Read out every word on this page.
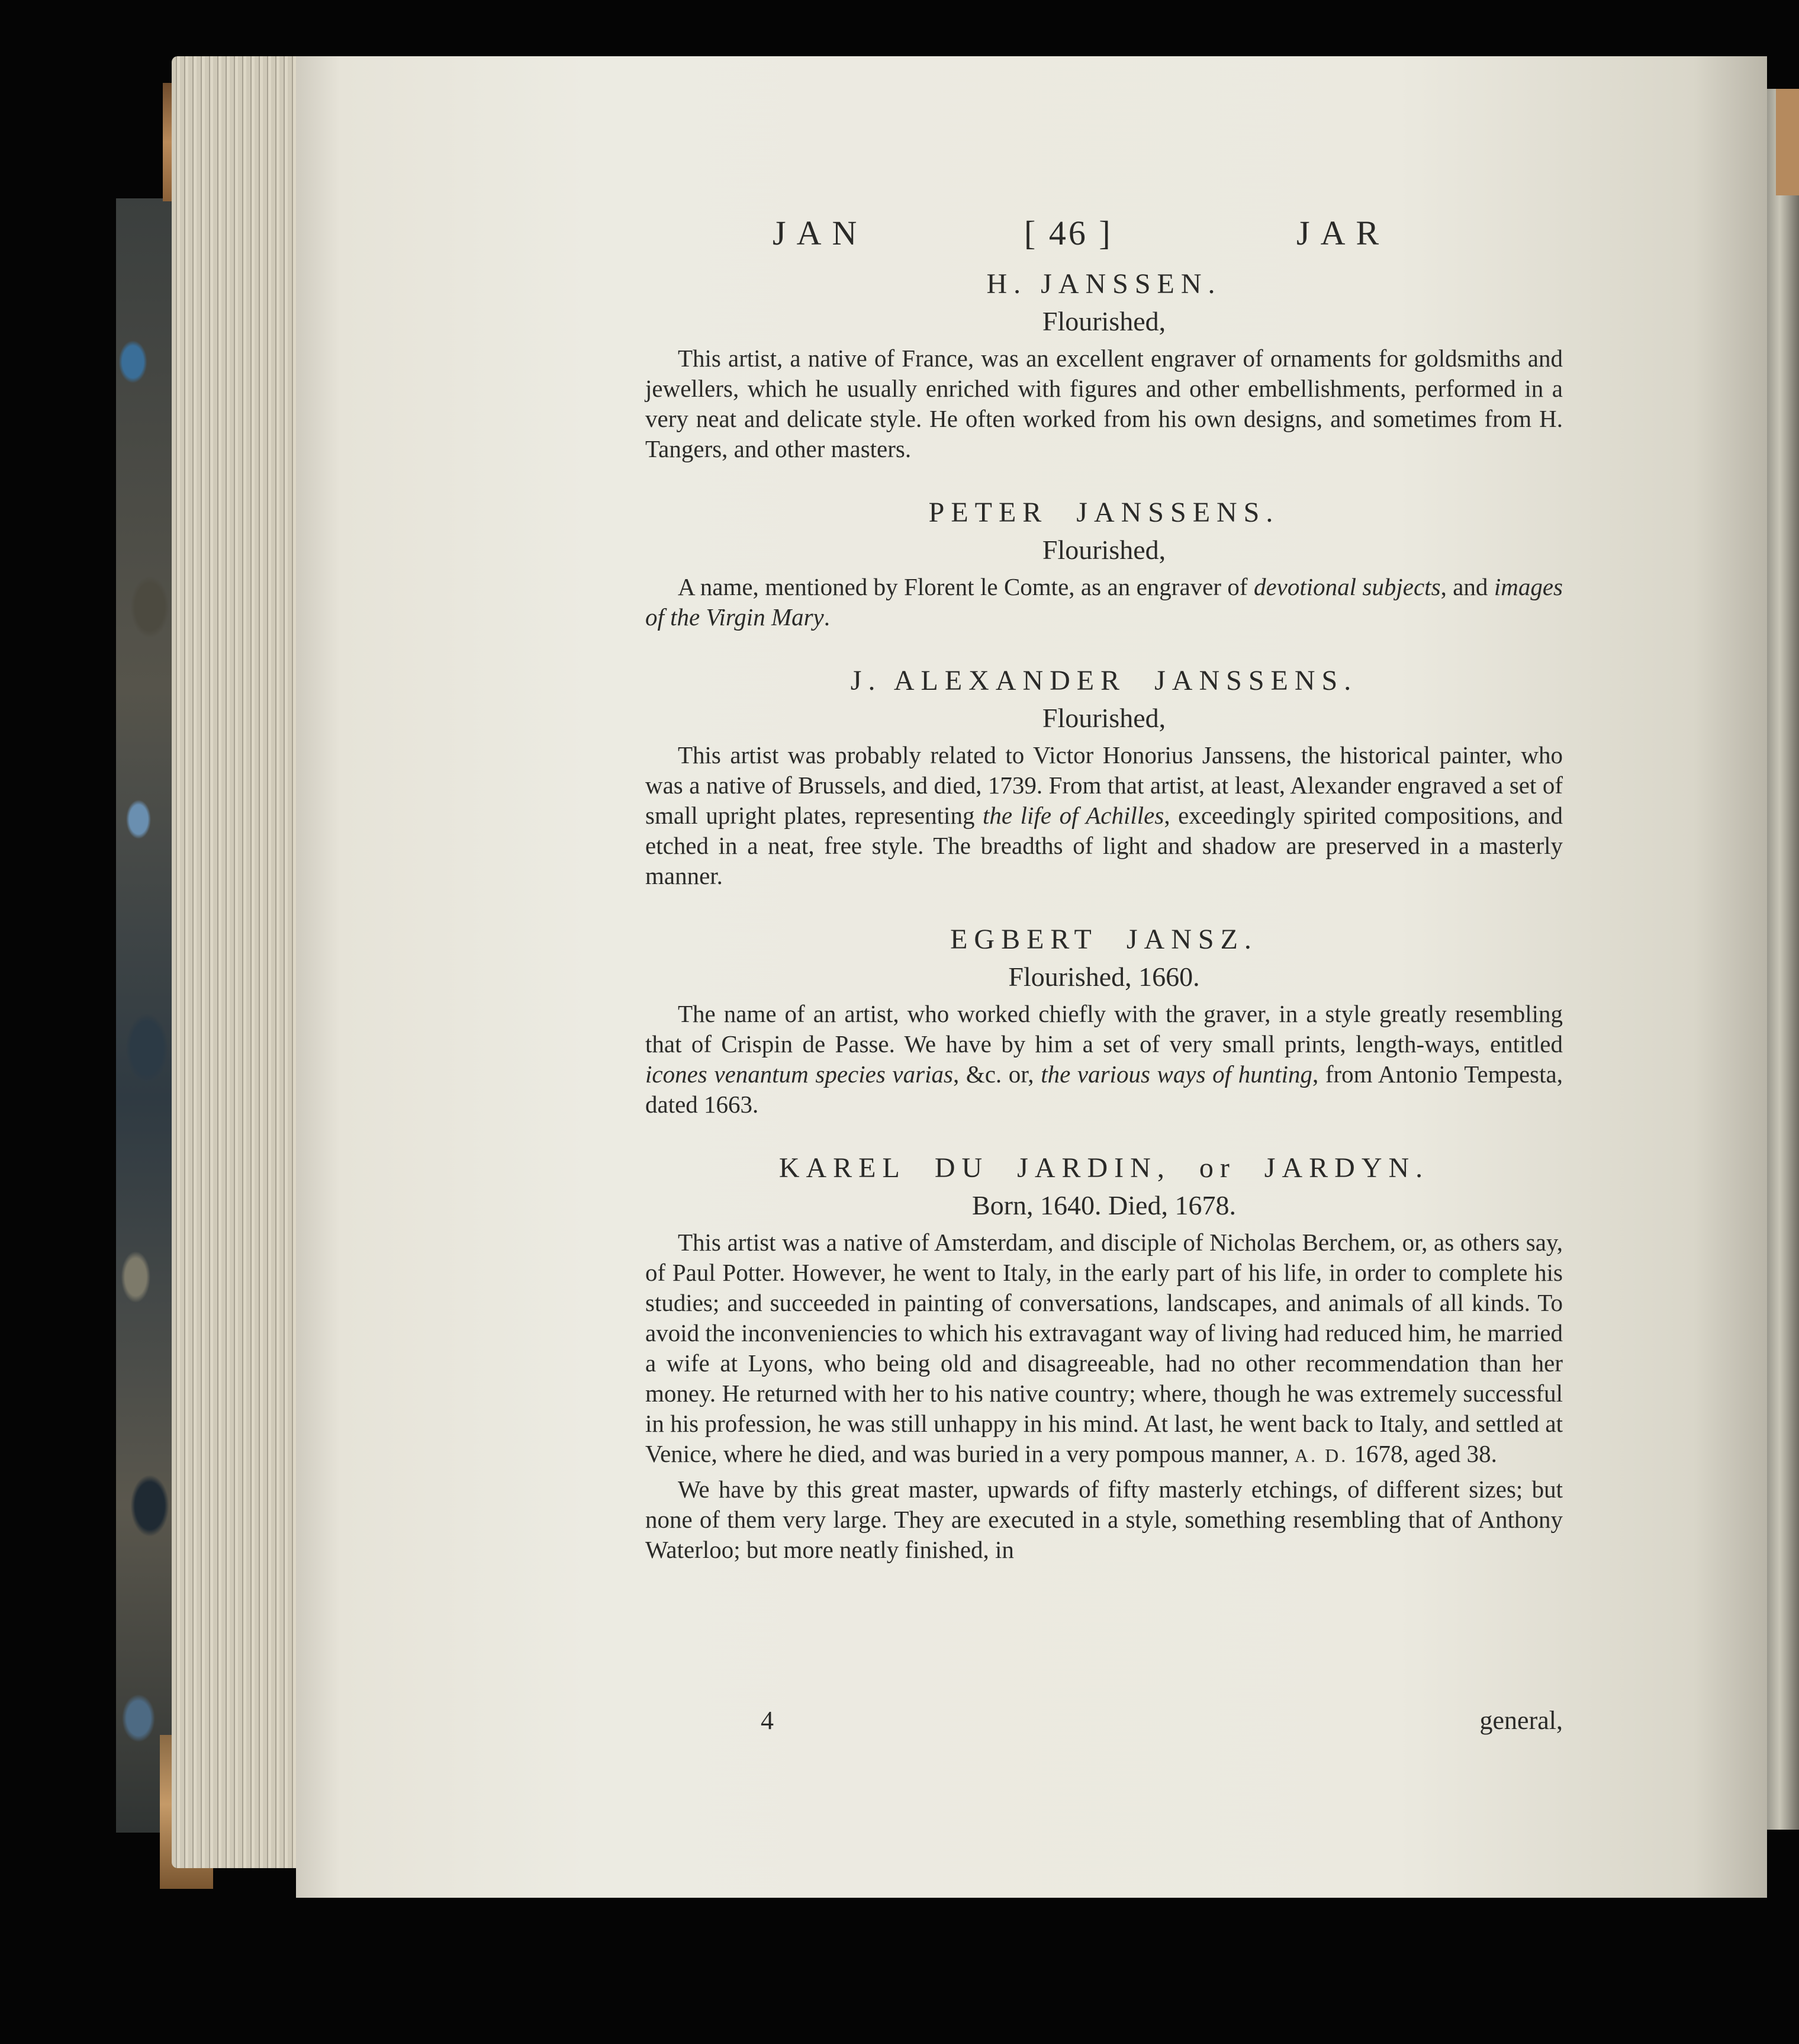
JAN	[ 46 ]	JAR
H. JANSSEN.
Flourished,

This artist, a native of France, was an excellent engraver of ornaments for goldsmiths and jewellers, which he usually enriched with figures and other embellishments, performed in a very neat and delicate style. He often worked from his own designs, and sometimes from H. Tangers, and other masters.

PETER JANSSENS.
Flourished,

A name, mentioned by Florent le Comte, as an engraver of devotional subjects, and images of the Virgin Mary.

J. ALEXANDER JANSSENS.
Flourished,

This artist was probably related to Victor Honorius Janssens, the historical painter, who was a native of Brussels, and died, 1739. From that artist, at least, Alexander engraved a set of small upright plates, representing the life of Achilles, exceedingly spirited compositions, and etched in a neat, free style. The breadths of light and shadow are preserved in a masterly manner.

EGBERT JANSZ.
Flourished, 1660.

The name of an artist, who worked chiefly with the graver, in a style greatly resembling that of Crispin de Passe. We have by him a set of very small prints, length-ways, entitled icones venantum species varias, &c. or, the various ways of hunting, from Antonio Tempesta, dated 1663.

KAREL DU JARDIN, or JARDYN.
Born, 1640. Died, 1678.

This artist was a native of Amsterdam, and disciple of Nicholas Berchem, or, as others say, of Paul Potter. However, he went to Italy, in the early part of his life, in order to complete his studies; and succeeded in painting of conversations, landscapes, and animals of all kinds. To avoid the inconveniencies to which his extravagant way of living had reduced him, he married a wife at Lyons, who being old and disagreeable, had no other recommendation than her money. He returned with her to his native country; where, though he was extremely successful in his profession, he was still unhappy in his mind. At last, he went back to Italy, and settled at Venice, where he died, and was buried in a very pompous manner, A. D. 1678, aged 38.

We have by this great master, upwards of fifty masterly etchings, of different sizes; but none of them very large. They are executed in a style, something resembling that of Anthony Waterloo; but more neatly finished, in

4	general,
